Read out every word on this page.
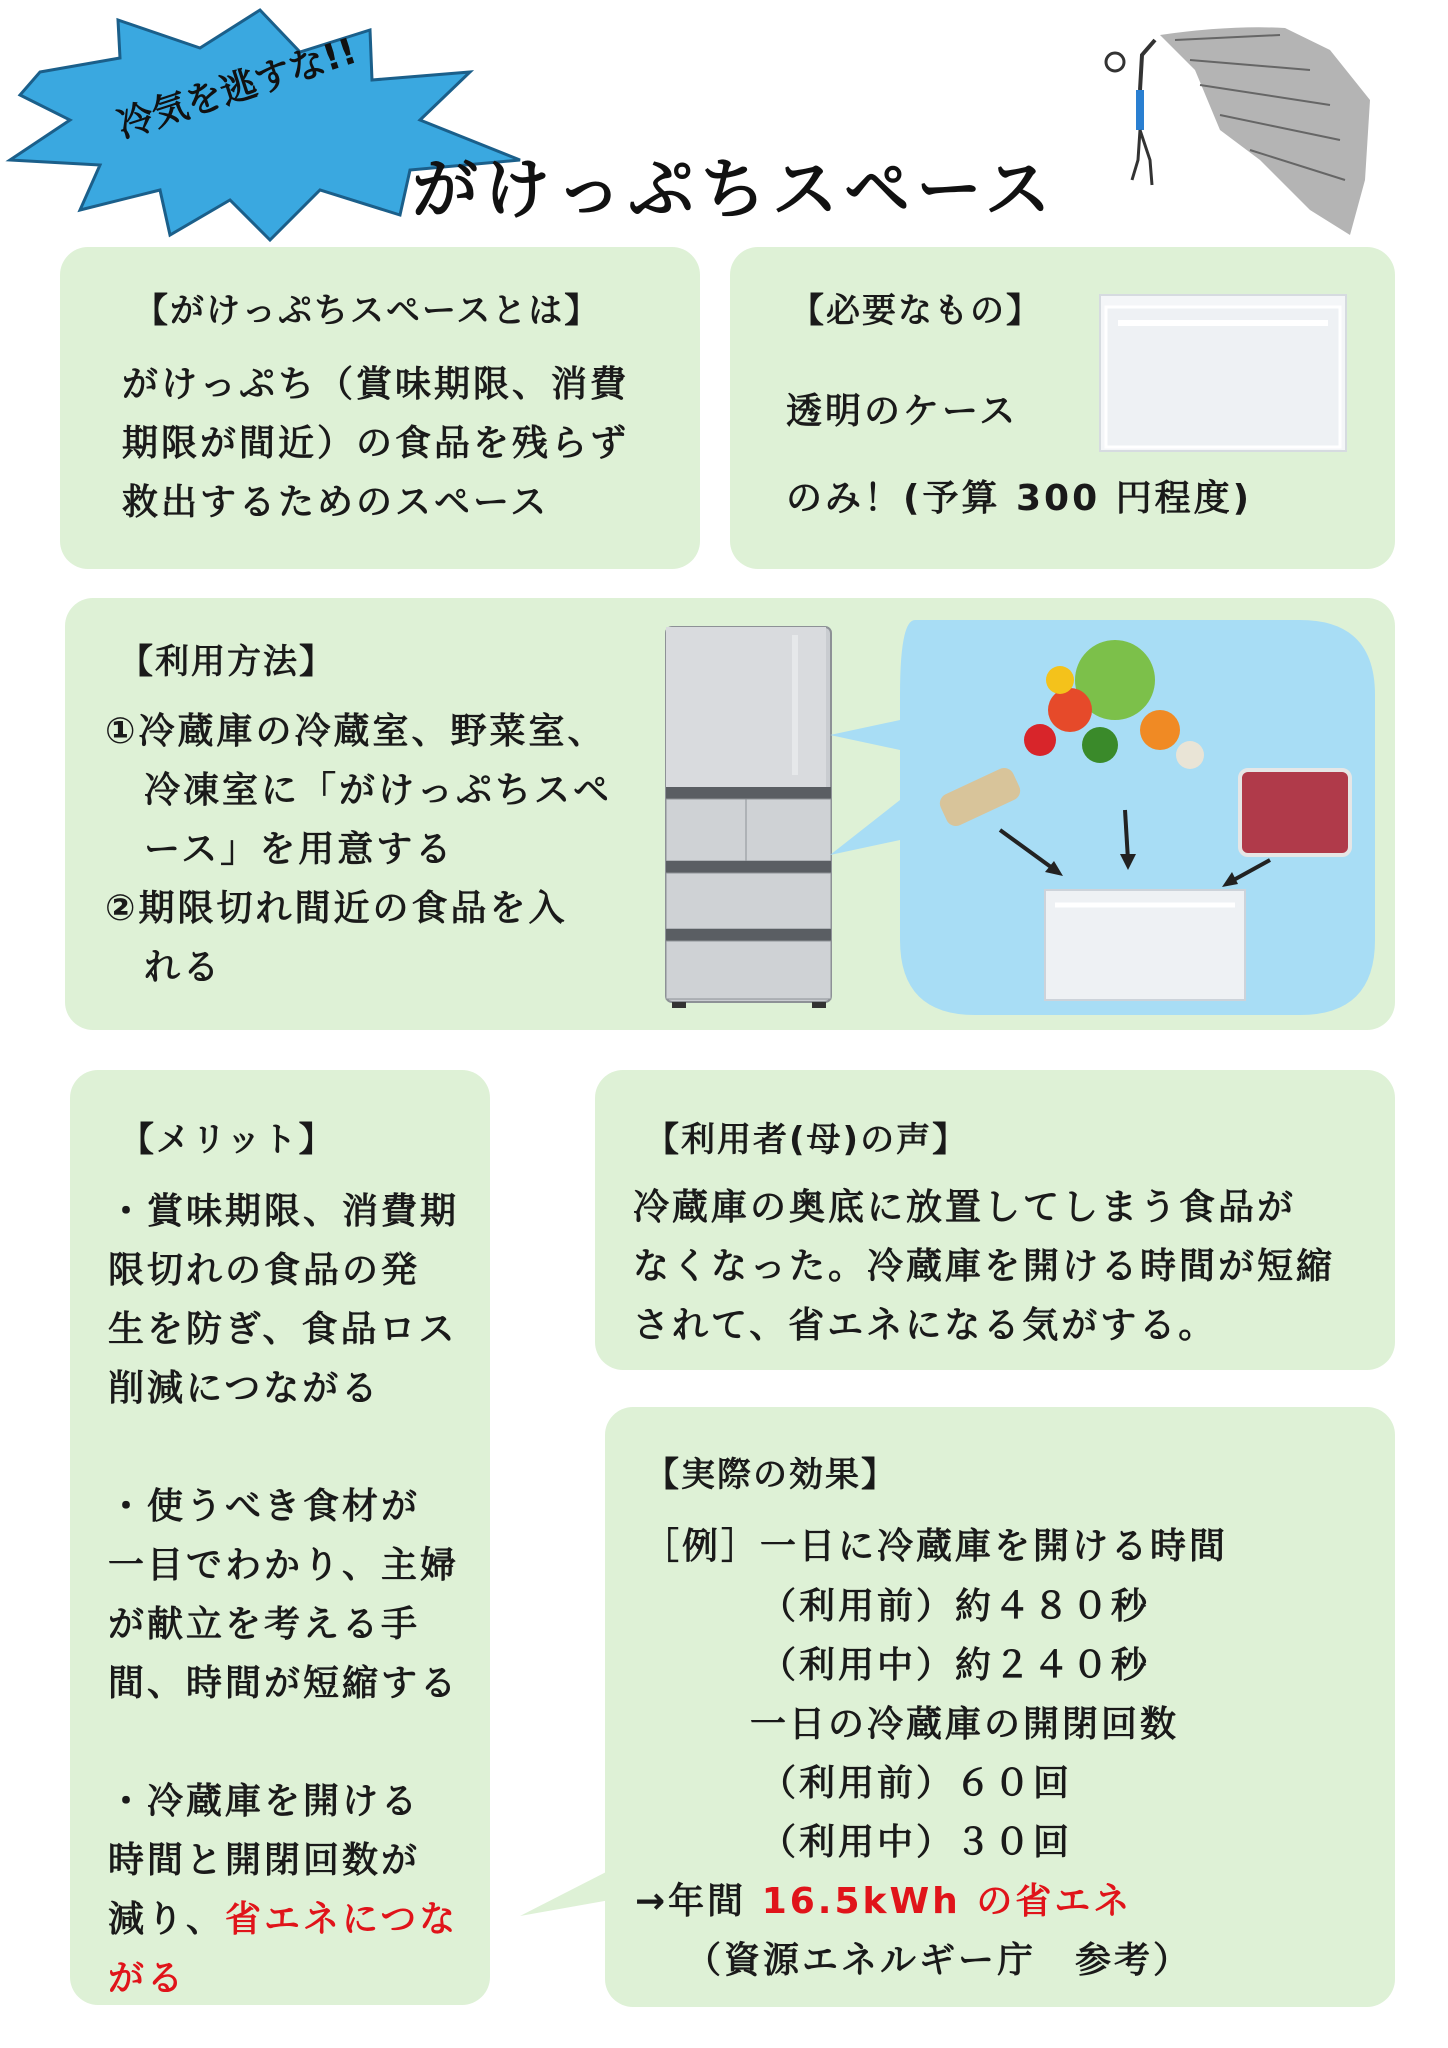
冷気を逃すな!!
がけっぷちスペース
【がけっぷちスペースとは】
がけっぷち（賞味期限、消費
期限が間近）の食品を残らず
救出するためのスペース
【必要なもの】
透明のケース
のみ！(予算 300 円程度)
【利用方法】
①冷蔵庫の冷蔵室、野菜室、
　冷凍室に「がけっぷちスペ
　ース」を用意する
②期限切れ間近の食品を入
　れる
【メリット】
・賞味期限、消費期
限切れの食品の発
生を防ぎ、食品ロス
削減につながる

・使うべき食材が
一目でわかり、主婦
が献立を考える手
間、時間が短縮する

・冷蔵庫を開ける
時間と開閉回数が
減り、省エネにつな
がる
【利用者(母)の声】
冷蔵庫の奥底に放置してしまう食品が
なくなった。冷蔵庫を開ける時間が短縮
されて、省エネになる気がする。
【実際の効果】
［例］一日に冷蔵庫を開ける時間
（利用前）約４８０秒
（利用中）約２４０秒
一日の冷蔵庫の開閉回数
（利用前）６０回
（利用中）３０回
→年間 16.5kWh の省エネ
（資源エネルギー庁　参考）
